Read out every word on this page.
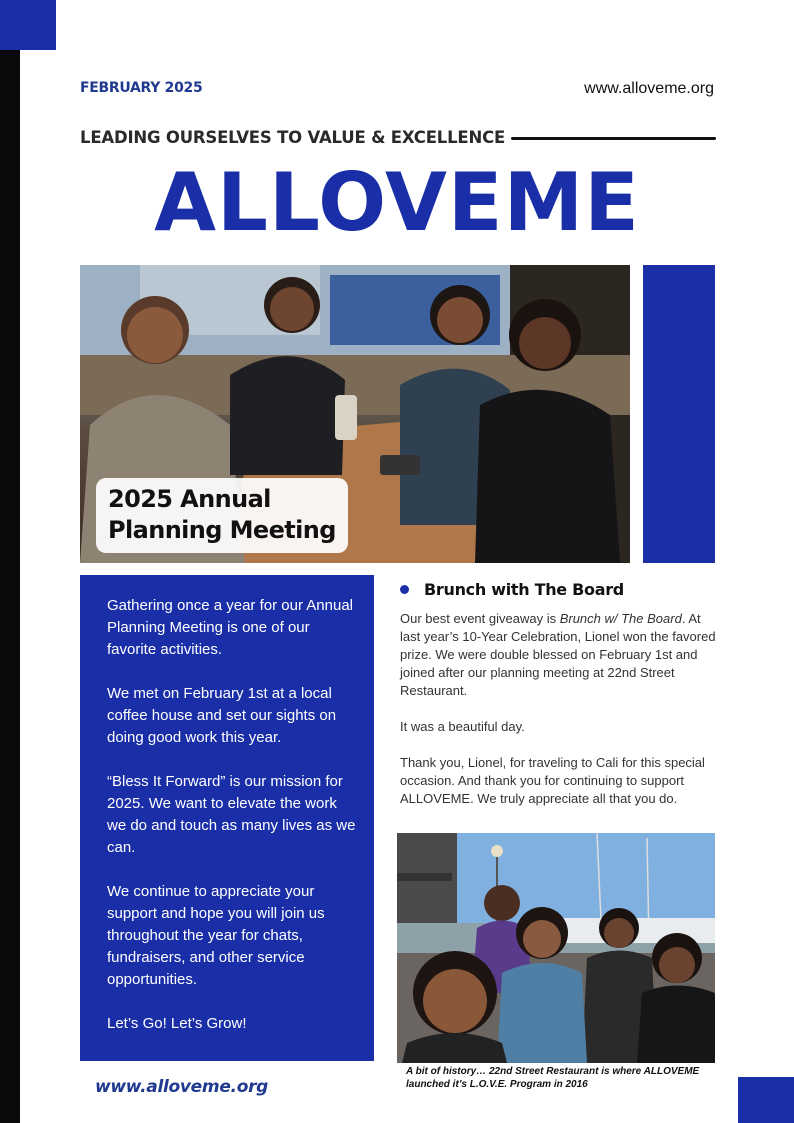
FEBRUARY 2025	www.alloveme.org
LEADING OURSELVES TO VALUE & EXCELLENCE
ALLOVEME
2025 Annual
Planning Meeting

Gathering once a year for our Annual Planning Meeting is one of our favorite activities.

We met on February 1st at a local coffee house and set our sights on doing good work this year.

“Bless It Forward” is our mission for 2025. We want to elevate the work we do and touch as many lives as we can.

We continue to appreciate your support and hope you will join us throughout the year for chats, fundraisers, and other service opportunities.

Let’s Go! Let’s Grow!

Brunch with The Board

Our best event giveaway is Brunch w/ The Board. At last year’s 10-Year Celebration, Lionel won the favored prize. We were double blessed on February 1st and joined after our planning meeting at 22nd Street Restaurant.

It was a beautiful day.

Thank you, Lionel, for traveling to Cali for this special occasion. And thank you for continuing to support ALLOVEME. We truly appreciate all that you do.

A bit of history… 22nd Street Restaurant is where ALLOVEME launched it’s L.O.V.E. Program in 2016
www.alloveme.org
